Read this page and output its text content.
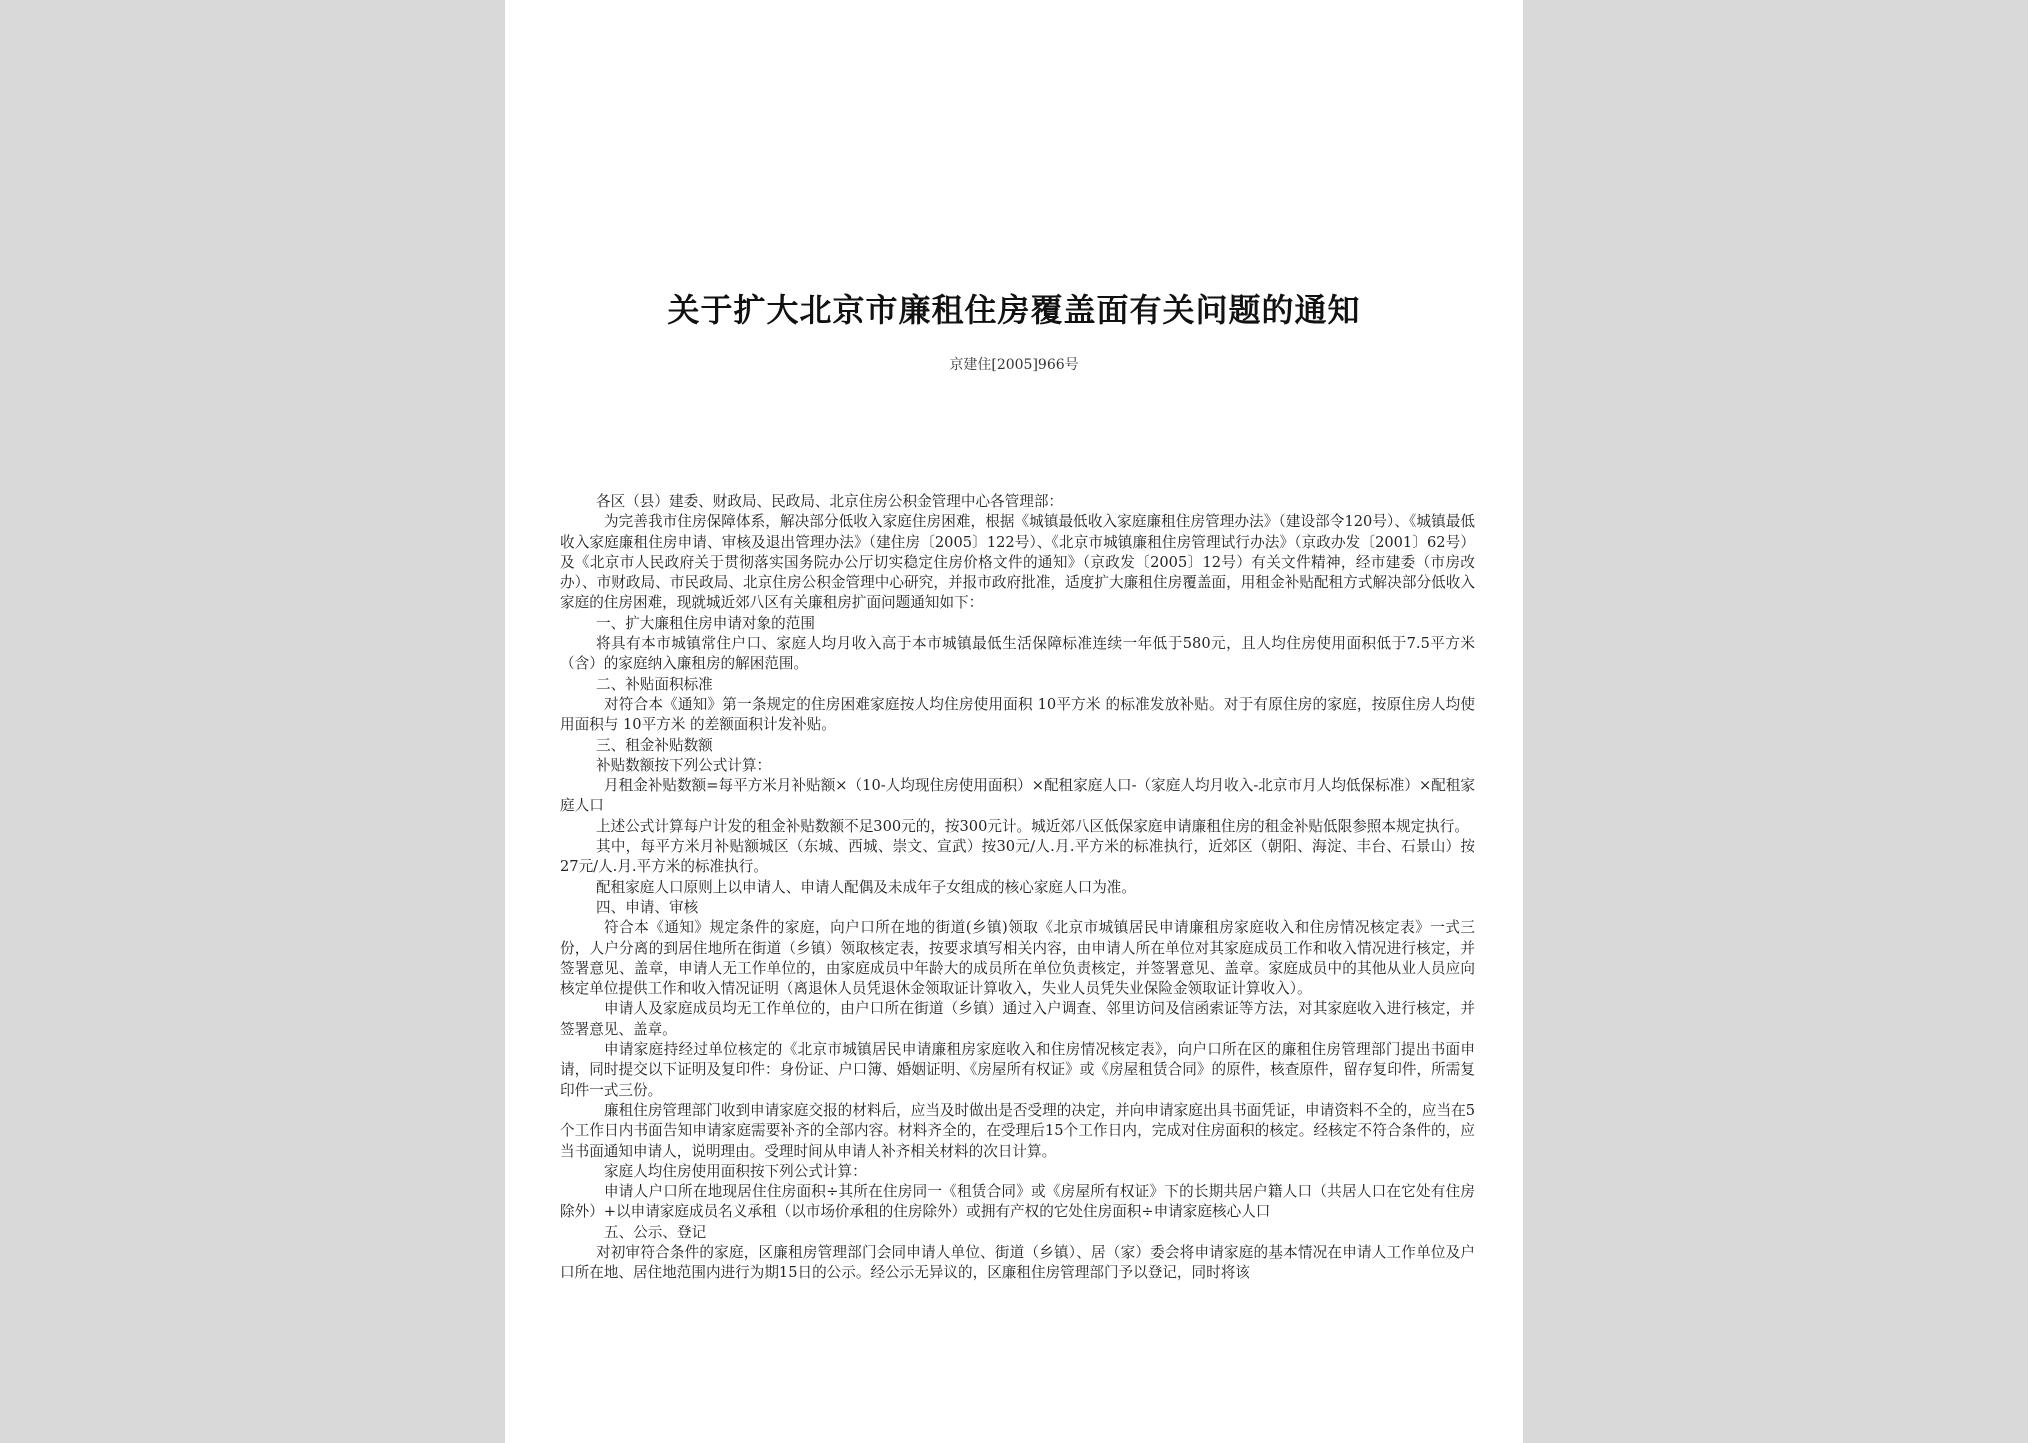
关于扩大北京市廉租住房覆盖面有关问题的通知
京建住[2005]966号

各区（县）建委、财政局、民政局、北京住房公积金管理中心各管理部：

为完善我市住房保障体系，解决部分低收入家庭住房困难，根据《城镇最低收入家庭廉租住房管理办法》（建设部令120号）、《城镇最低收入家庭廉租住房申请、审核及退出管理办法》（建住房〔2005〕122号）、《北京市城镇廉租住房管理试行办法》（京政办发〔2001〕62号）及《北京市人民政府关于贯彻落实国务院办公厅切实稳定住房价格文件的通知》（京政发〔2005〕12号）有关文件精神，经市建委（市房改办）、市财政局、市民政局、北京住房公积金管理中心研究，并报市政府批准，适度扩大廉租住房覆盖面，用租金补贴配租方式解决部分低收入家庭的住房困难，现就城近郊八区有关廉租房扩面问题通知如下：

一、扩大廉租住房申请对象的范围

将具有本市城镇常住户口、家庭人均月收入高于本市城镇最低生活保障标准连续一年低于580元，且人均住房使用面积低于7.5平方米（含）的家庭纳入廉租房的解困范围。

二、补贴面积标准

对符合本《通知》第一条规定的住房困难家庭按人均住房使用面积 10平方米 的标准发放补贴。对于有原住房的家庭，按原住房人均使用面积与 10平方米 的差额面积计发补贴。

三、租金补贴数额

补贴数额按下列公式计算：

月租金补贴数额=每平方米月补贴额×（10-人均现住房使用面积）×配租家庭人口-（家庭人均月收入-北京市月人均低保标准）×配租家庭人口

上述公式计算每户计发的租金补贴数额不足300元的，按300元计。城近郊八区低保家庭申请廉租住房的租金补贴低限参照本规定执行。

其中，每平方米月补贴额城区（东城、西城、崇文、宣武）按30元/人.月.平方米的标准执行，近郊区（朝阳、海淀、丰台、石景山）按27元/人.月.平方米的标准执行。

配租家庭人口原则上以申请人、申请人配偶及未成年子女组成的核心家庭人口为准。

四、申请、审核

符合本《通知》规定条件的家庭，向户口所在地的街道(乡镇)领取《北京市城镇居民申请廉租房家庭收入和住房情况核定表》一式三份，人户分离的到居住地所在街道（乡镇）领取核定表，按要求填写相关内容，由申请人所在单位对其家庭成员工作和收入情况进行核定，并签署意见、盖章，申请人无工作单位的，由家庭成员中年龄大的成员所在单位负责核定，并签署意见、盖章。家庭成员中的其他从业人员应向核定单位提供工作和收入情况证明（离退休人员凭退休金领取证计算收入，失业人员凭失业保险金领取证计算收入）。

申请人及家庭成员均无工作单位的，由户口所在街道（乡镇）通过入户调查、邻里访问及信函索证等方法，对其家庭收入进行核定，并签署意见、盖章。

申请家庭持经过单位核定的《北京市城镇居民申请廉租房家庭收入和住房情况核定表》，向户口所在区的廉租住房管理部门提出书面申请，同时提交以下证明及复印件：身份证、户口簿、婚姻证明、《房屋所有权证》或《房屋租赁合同》的原件，核查原件，留存复印件，所需复印件一式三份。

廉租住房管理部门收到申请家庭交报的材料后，应当及时做出是否受理的决定，并向申请家庭出具书面凭证，申请资料不全的，应当在5个工作日内书面告知申请家庭需要补齐的全部内容。材料齐全的，在受理后15个工作日内，完成对住房面积的核定。经核定不符合条件的，应当书面通知申请人，说明理由。受理时间从申请人补齐相关材料的次日计算。

家庭人均住房使用面积按下列公式计算：

申请人户口所在地现居住住房面积÷其所在住房同一《租赁合同》或《房屋所有权证》下的长期共居户籍人口（共居人口在它处有住房除外）+以申请家庭成员名义承租（以市场价承租的住房除外）或拥有产权的它处住房面积÷申请家庭核心人口

五、公示、登记

对初审符合条件的家庭，区廉租房管理部门会同申请人单位、街道（乡镇）、居（家）委会将申请家庭的基本情况在申请人工作单位及户口所在地、居住地范围内进行为期15日的公示。经公示无异议的，区廉租住房管理部门予以登记，同时将该
